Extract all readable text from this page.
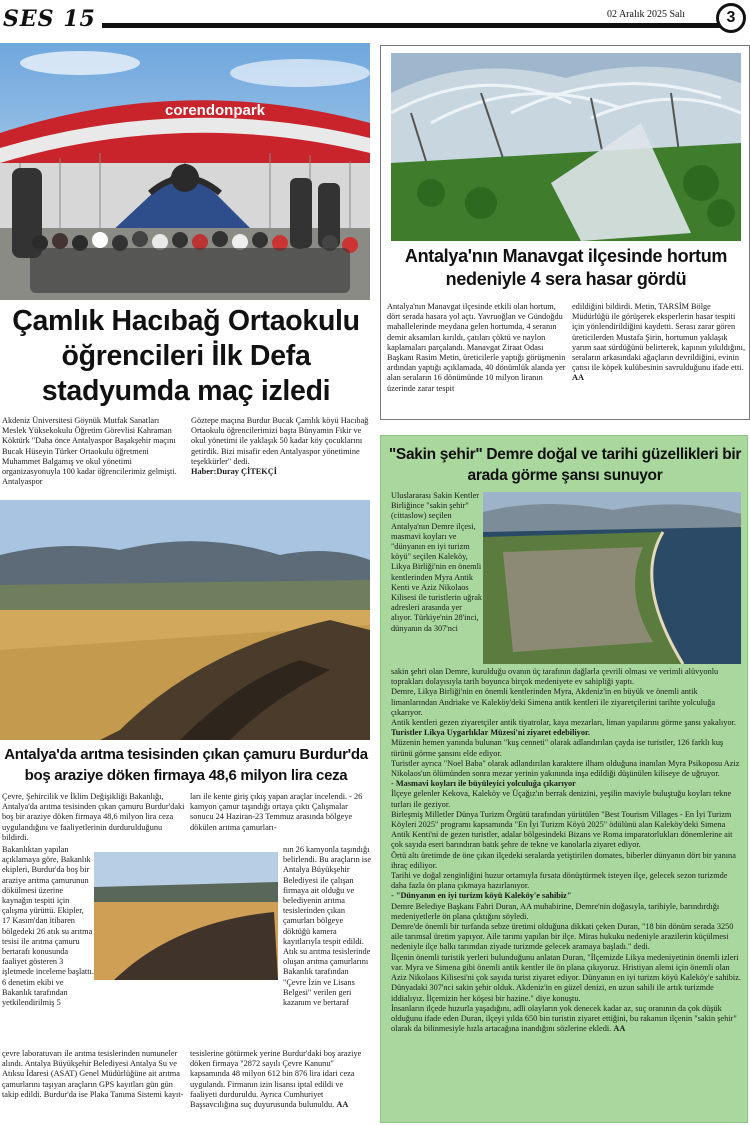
SES 15	02 Aralık 2025 Salı	3
corendonpark
Çamlık Hacıbağ Ortaokulu öğrencileri İlk Defa stadyumda maç izledi
Akdeniz Üniversitesi Göynük Mutfak Sanatları Meslek Yüksekokulu Öğretim Görevlisi Kahraman Köktürk "Daha önce Antalyaspor Başakşehir maçını Bucak Hüseyin Türker Ortaokulu öğretmeni Muhammet Balgamış ve okul yönetimi organizasyonuyla 100 kadar öğrencilerimiz gelmişti. Antalyaspor
Göztepe maçına Burdur Bucak Çamlık köyü Hacıbağ Ortaokulu öğrencilerimizi başta Bünyamin Fikir ve okul yönetimi ile yaklaşık 50 kadar köy çocuklarını getirdik. Bizi misafir eden Antalyaspor yönetimine teşekkürler" dedi.
Haber:Duray ÇİTEKÇİ
Antalya'nın Manavgat ilçesinde hortum nedeniyle 4 sera hasar gördü
Antalya'nın Manavgat ilçesinde etkili olan hortum, dört serada hasara yol açtı. Yavruoğlan ve Gündoğdu mahallelerinde meydana gelen hortumda, 4 seranın demir aksamları kırıldı, çatıları çöktü ve naylon kaplamaları parçalandı. Manavgat Ziraat Odası Başkanı Rasim Metin, üreticilerle yaptığı görüşmenin ardından yaptığı açıklamada, 40 dönümlük alanda yer alan seraların 16 dönümünde 10 milyon liranın üzerinde zarar tespit
edildiğini bildirdi. Metin, TARSİM Bölge Müdürlüğü ile görüşerek eksperlerin hasar tespiti için yönlendirildiğini kaydetti. Serası zarar gören üreticilerden Mustafa Şirin, hortumun yaklaşık yarım saat sürdüğünü belirterek, kapının yıkıldığını, seraların arkasındaki ağaçların devrildiğini, evinin çatısı ile köpek kulübesinin savrulduğunu ifade etti. AA
Antalya'da arıtma tesisinden çıkan çamuru Burdur'da boş araziye döken firmaya 48,6 milyon lira ceza
Çevre, Şehircilik ve İklim Değişikliği Bakanlığı, Antalya'da arıtma tesisinden çıkan çamuru Burdur'daki boş bir araziye döken firmaya 48,6 milyon lira ceza uygulandığını ve faaliyetlerinin durdurulduğunu bildirdi.
Bakanlıktan yapılan açıklamaya göre, Bakanlık ekipleri, Burdur'da boş bir araziye arıtma çamurunun dökülmesi üzerine kaynağın tespiti için çalışma yürüttü. Ekipler, 17 Kasım'dan itibaren bölgedeki 26 atık su arıtma tesisi ile arıtma çamuru bertarafı konusunda faaliyet gösteren 3 işletmede inceleme başlattı. 6 denetim ekibi ve Bakanlık tarafından yetkilendirilmiş 5
çevre laboratuvarı ile arıtma tesislerinden numuneler alındı. Antalya Büyükşehir Belediyesi Antalya Su ve Atıksu İdaresi (ASAT) Genel Müdürlüğüne ait arıtma çamurlarını taşıyan araçların GPS kayıtları gün gün takip edildi. Burdur'da ise Plaka Tanıma Sistemi kayıt-
ları ile kente giriş çıkış yapan araçlar incelendi. - 26 kamyon çamur taşındığı ortaya çıktı Çalışmalar sonucu 24 Haziran-23 Temmuz arasında bölgeye dökülen arıtma çamurları-
nın 26 kamyonla taşındığı belirlendi. Bu araçların ise Antalya Büyükşehir Belediyesi ile çalışan firmaya ait olduğu ve belediyenin arıtma tesislerinden çıkan çamurları bölgeye döktüğü kamera kayıtlarıyla tespit edildi. Atık su arıtma tesislerinde oluşan arıtma çamurlarını Bakanlık tarafından "Çevre İzin ve Lisans Belgesi" verilen geri kazanım ve bertaraf
tesislerine götürmek yerine Burdur'daki boş araziye döken firmaya "2872 sayılı Çevre Kanunu" kapsamında 48 milyon 612 bin 876 lira idari ceza uygulandı. Firmanın izin lisansı iptal edildi ve faaliyeti durduruldu. Ayrıca Cumhuriyet Başsavcılığına suç duyurusunda bulunuldu. AA
"Sakin şehir" Demre doğal ve tarihi güzellikleri bir arada görme şansı sunuyor
Uluslararası Sakin Kentler Birliğince "sakin şehir" (cittaslow) seçilen Antalya'nın Demre ilçesi, masmavi koyları ve "dünyanın en iyi turizm köyü" seçilen Kaleköy, Likya Birliği'nin en önemli kentlerinden Myra Antik Kenti ve Aziz Nikolaos Kilisesi ile turistlerin uğrak adresleri arasında yer alıyor. Türkiye'nin 28'inci, dünyanın da 307'nci

sakin şehri olan Demre, kurulduğu ovanın üç tarafının dağlarla çevrili olması ve verimli alüvyonlu toprakları dolayısıyla tarih boyunca birçok medeniyete ev sahipliği yaptı.

Demre, Likya Birliği'nin en önemli kentlerinden Myra, Akdeniz'in en büyük ve önemli antik limanlarından Andriake ve Kaleköy'deki Simena antik kentleri ile ziyaretçilerini tarihte yolculuğa çıkarıyor.

Antik kentleri gezen ziyaretçiler antik tiyatrolar, kaya mezarları, liman yapılarını görme şansı yakalıyor.

Turistler Likya Uygarlıklar Müzesi'ni ziyaret edebiliyor.

Müzenin hemen yanında bulunan "kuş cenneti" olarak adlandırılan çayda ise turistler, 126 farklı kuş türünü görme şansını elde ediyor.

Turistler ayrıca "Noel Baba" olarak adlandırılan karaktere ilham olduğuna inanılan Myra Psikoposu Aziz Nikolaos'un ölümünden sonra mezar yerinin yakınında inşa edildiği düşünülen kiliseye de uğruyor.

- Masmavi koyları ile büyüleyici yolculuğa çıkarıyor

İlçeye gelenler Kekova, Kaleköy ve Üçağız'ın berrak denizini, yeşilin maviyle buluştuğu koyları tekne turları ile geziyor.

Birleşmiş Milletler Dünya Turizm Örgütü tarafından yürütülen "Best Tourism Villages - En İyi Turizm Köyleri 2025" programı kapsamında "En İyi Turizm Köyü 2025" ödülünü alan Kaleköy'deki Simena Antik Kenti'ni de gezen turistler, adalar bölgesindeki Bizans ve Roma imparatorlukları dönemlerine ait çok sayıda eseri barındıran batık şehre de tekne ve kanolarla ziyaret ediyor.

Örtü altı üretimde de öne çıkan ilçedeki seralarda yetiştirilen domates, biberler dünyanın dört bir yanına ihraç ediliyor.

Tarihi ve doğal zenginliğini huzur ortamıyla fırsata dönüştürmek isteyen ilçe, gelecek sezon turizmde daha fazla ön plana çıkmaya hazırlanıyor.

- "Dünyanın en iyi turizm köyü Kaleköy'e sahibiz"

Demre Belediye Başkanı Fahri Duran, AA muhabirine, Demre'nin doğasıyla, tarihiyle, barındırdığı medeniyetlerle ön plana çıktığını söyledi.

Demre'de önemli bir turfanda sebze üretimi olduğuna dikkati çeken Duran, "18 bin dönüm serada 3250 aile tarımsal üretim yapıyor. Aile tarımı yapılan bir ilçe. Miras hukuku nedeniyle arazilerin küçülmesi nedeniyle ilçe halkı tarımdan ziyade turizmde gelecek aramaya başladı." dedi.

İlçenin önemli turistik yerleri bulunduğunu anlatan Duran, "İlçemizde Likya medeniyetinin önemli izleri var. Myra ve Simena gibi önemli antik kentler ile ön plana çıkıyoruz. Hristiyan alemi için önemli olan Aziz Nikolaos Kilisesi'ni çok sayıda turist ziyaret ediyor. Dünyanın en iyi turizm köyü Kaleköy'e sahibiz. Dünyadaki 307'nci sakin şehir olduk. Akdeniz'in en güzel denizi, en uzun sahili ile artık turizmde iddialıyız. İlçemizin her köşesi bir hazine." diye konuştu.

İnsanların ilçede huzurla yaşadığını, adli olayların yok denecek kadar az, suç oranının da çok düşük olduğunu ifade eden Duran, ilçeyi yılda 650 bin turistin ziyaret ettiğini, bu rakamın ilçenin "sakin şehir" olarak da bilinmesiyle hızla artacağına inandığını sözlerine ekledi. AA
